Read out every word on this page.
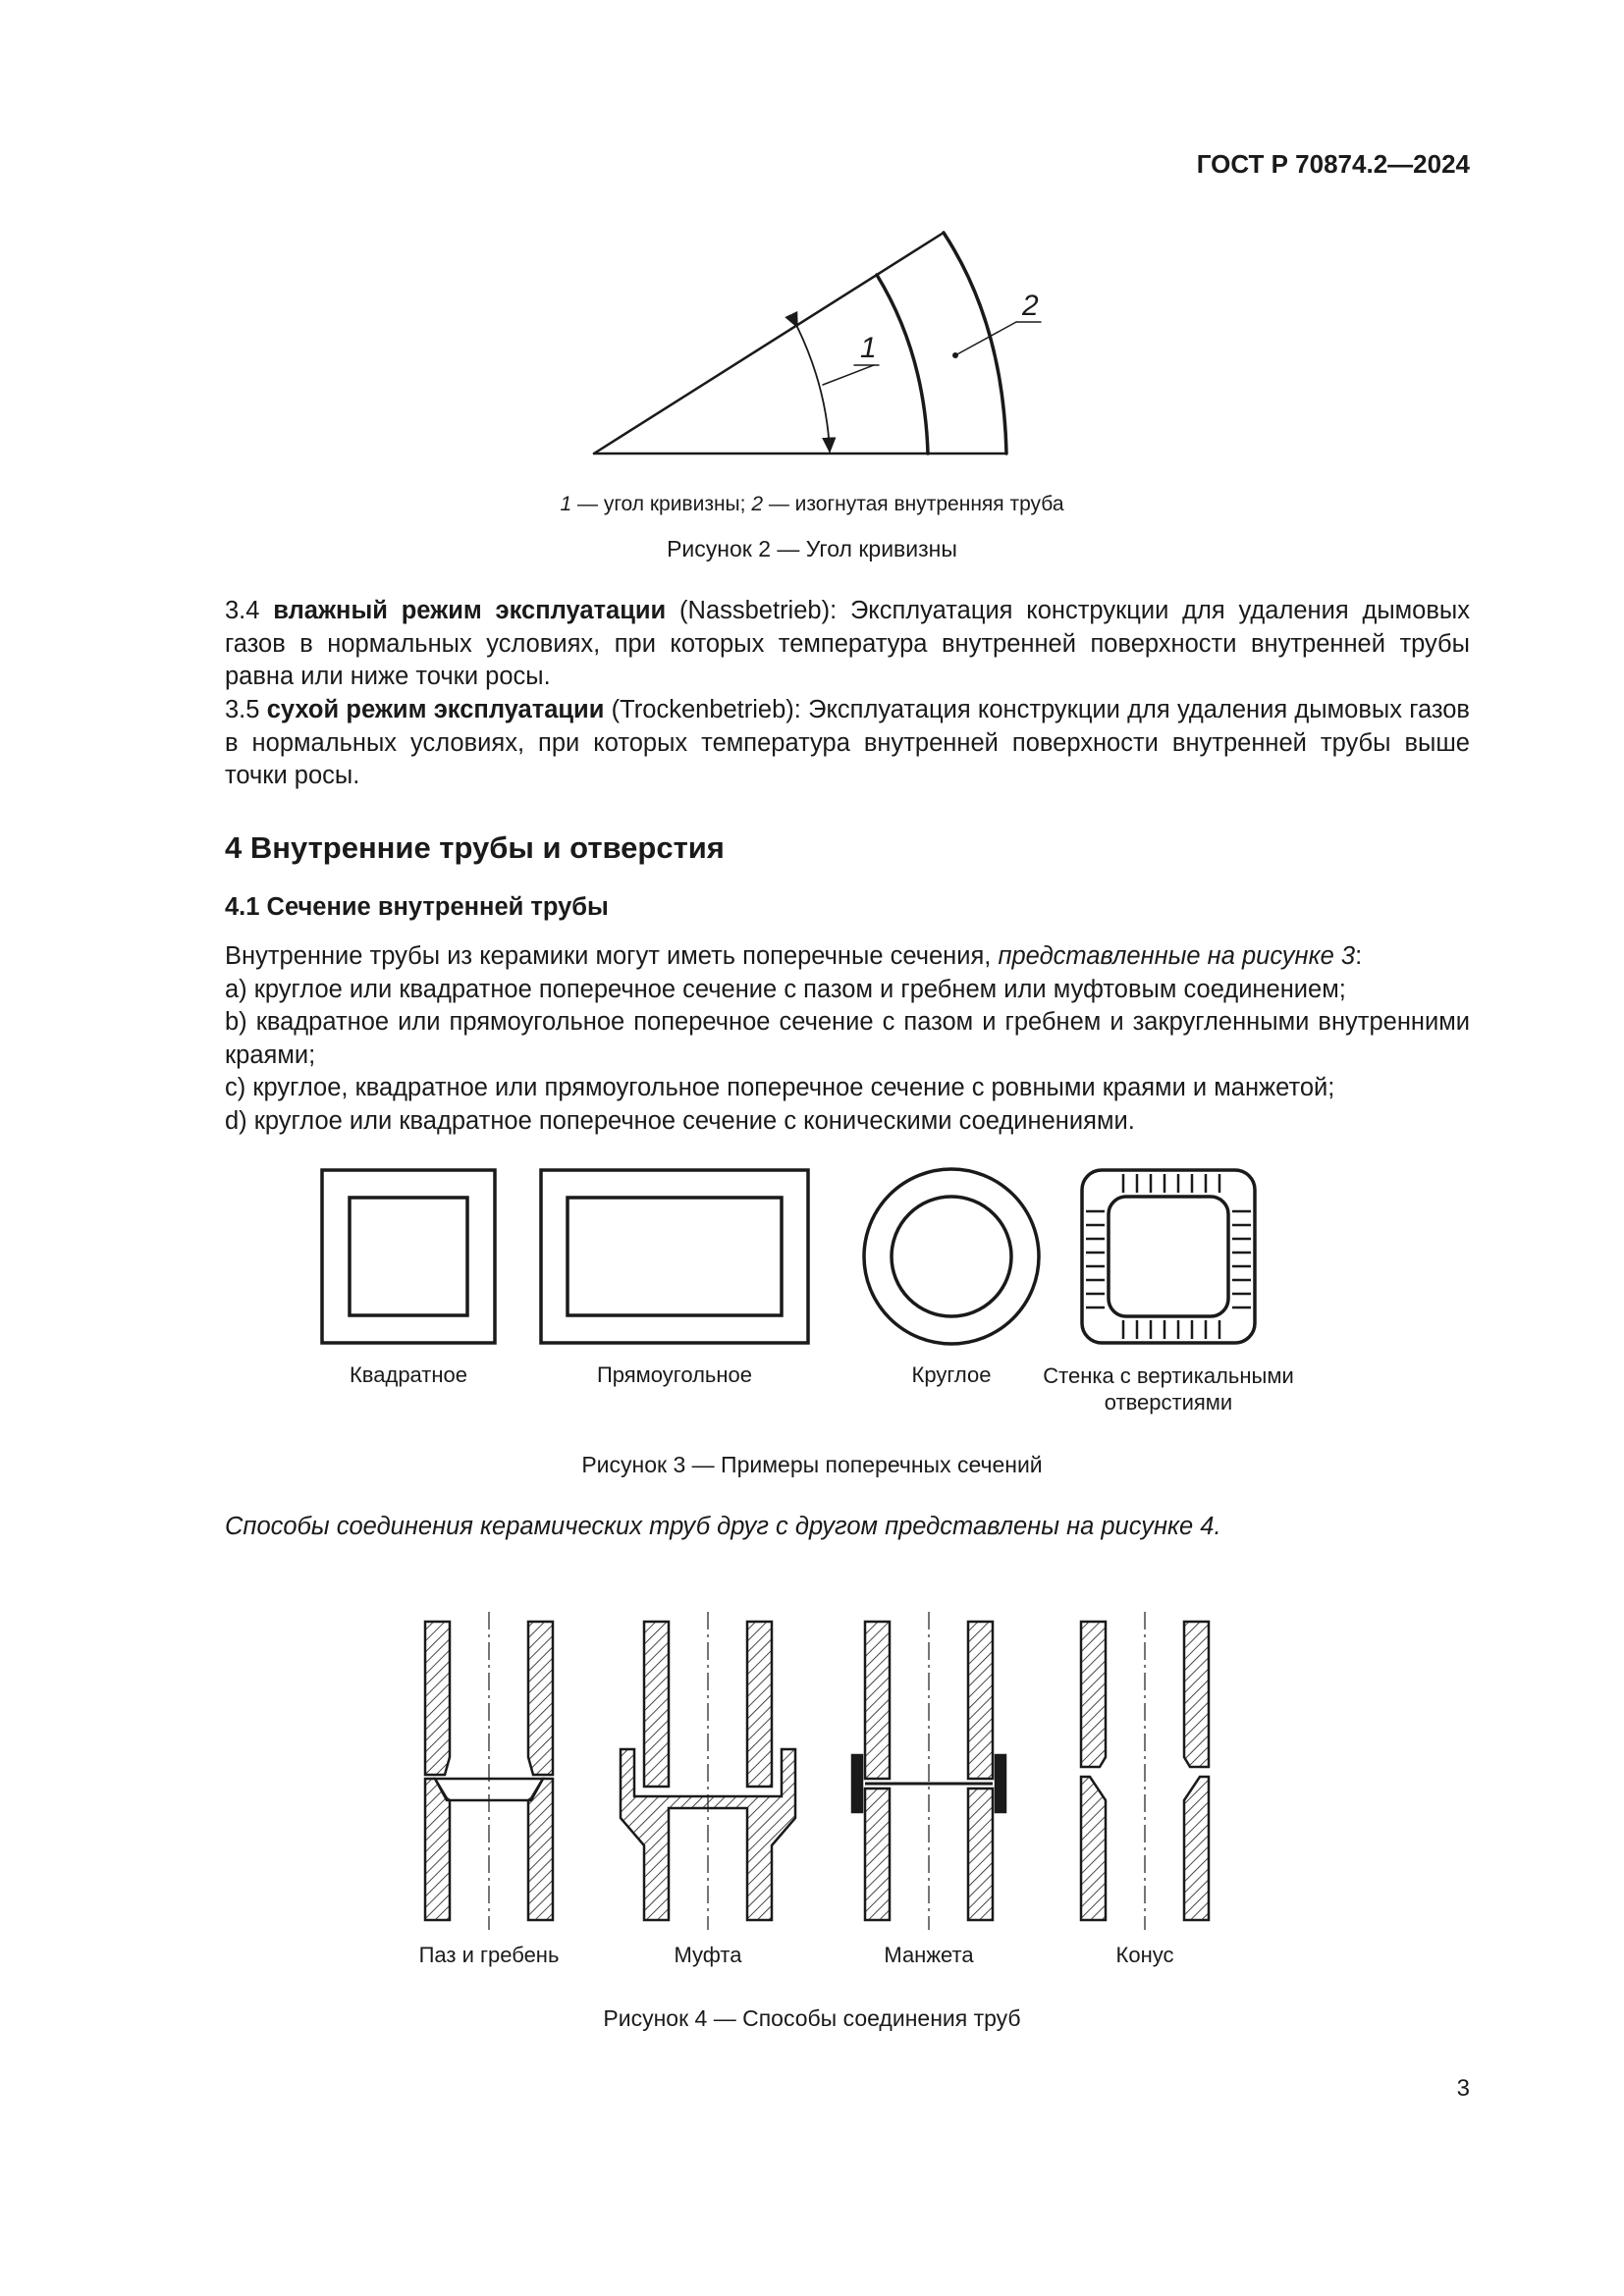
ГОСТ Р 70874.2—2024
1
2
1 — угол кривизны; 2 — изогнутая внутренняя труба
Рисунок 2 — Угол кривизны
3.4 влажный режим эксплуатации (Nassbetrieb): Эксплуатация конструкции для удаления дымовых газов в нормальных условиях, при которых температура внутренней поверхности внутренней трубы равна или ниже точки росы.
3.5 сухой режим эксплуатации (Trockenbetrieb): Эксплуатация конструкции для удаления дымовых газов в нормальных условиях, при которых температура внутренней поверхности внутренней трубы выше точки росы.
4 Внутренние трубы и отверстия
4.1 Сечение внутренней трубы
Внутренние трубы из керамики могут иметь поперечные сечения, представленные на рисунке 3:
a) круглое или квадратное поперечное сечение с пазом и гребнем или муфтовым соединением;
b) квадратное или прямоугольное поперечное сечение с пазом и гребнем и закругленными внутренними краями;
c) круглое, квадратное или прямоугольное поперечное сечение с ровными краями и манжетой;
d) круглое или квадратное поперечное сечение с коническими соединениями.
Квадратное	Прямоугольное	Круглое	Стенка с вертикальными
отверстиями
Рисунок 3 — Примеры поперечных сечений
Способы соединения керамических труб друг с другом представлены на рисунке 4.
Паз и гребень	Муфта	Манжета	Конус
Рисунок 4 — Способы соединения труб
3
